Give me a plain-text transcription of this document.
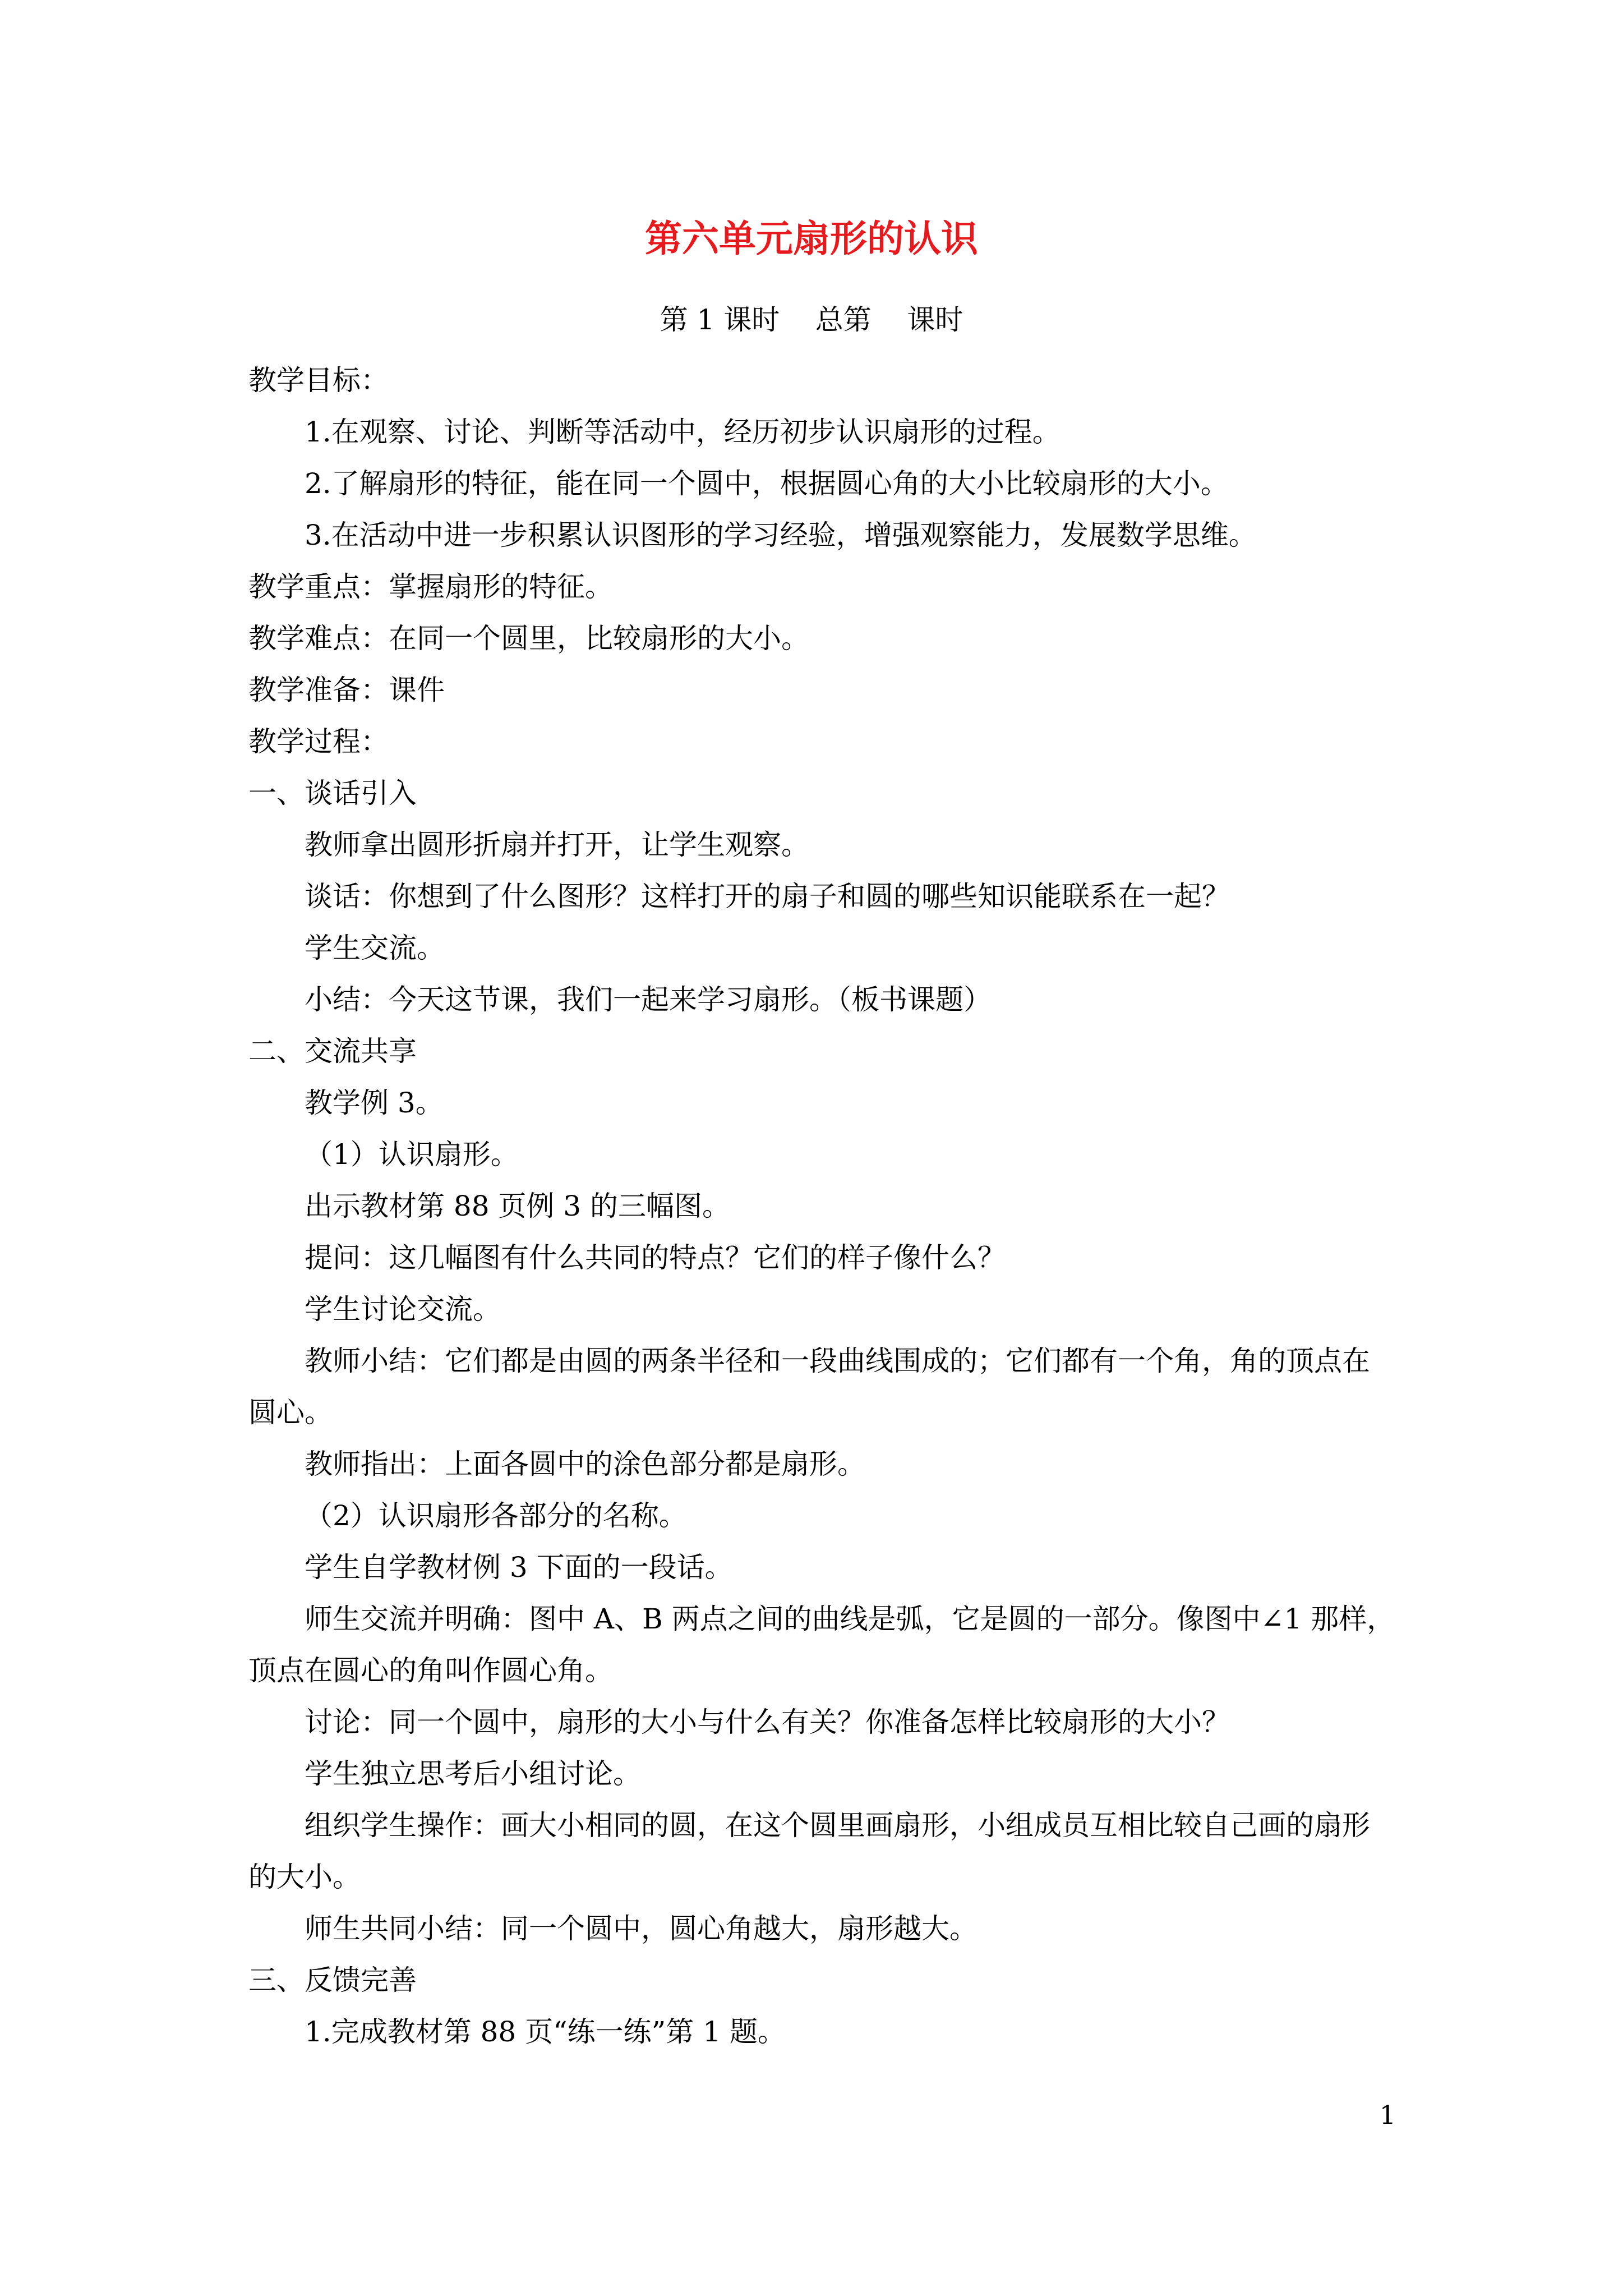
第六单元扇形的认识
第 1 课时    总第    课时
教学目标：
1.在观察、讨论、判断等活动中，经历初步认识扇形的过程。
2.了解扇形的特征，能在同一个圆中，根据圆心角的大小比较扇形的大小。
3.在活动中进一步积累认识图形的学习经验，增强观察能力，发展数学思维。
教学重点：掌握扇形的特征。
教学难点：在同一个圆里，比较扇形的大小。
教学准备：课件
教学过程：
一、谈话引入
教师拿出圆形折扇并打开，让学生观察。
谈话：你想到了什么图形？这样打开的扇子和圆的哪些知识能联系在一起？
学生交流。
小结：今天这节课，我们一起来学习扇形。（板书课题）
二、交流共享
教学例 3。
（1）认识扇形。
出示教材第 88 页例 3 的三幅图。
提问：这几幅图有什么共同的特点？它们的样子像什么？
学生讨论交流。
教师小结：它们都是由圆的两条半径和一段曲线围成的；它们都有一个角，角的顶点在
圆心。
教师指出：上面各圆中的涂色部分都是扇形。
（2）认识扇形各部分的名称。
学生自学教材例 3 下面的一段话。
师生交流并明确：图中 A、B 两点之间的曲线是弧，它是圆的一部分。像图中∠1 那样，
顶点在圆心的角叫作圆心角。
讨论：同一个圆中，扇形的大小与什么有关？你准备怎样比较扇形的大小？
学生独立思考后小组讨论。
组织学生操作：画大小相同的圆，在这个圆里画扇形，小组成员互相比较自己画的扇形
的大小。
师生共同小结：同一个圆中，圆心角越大，扇形越大。
三、反馈完善
1.完成教材第 88 页“练一练”第 1 题。
1
